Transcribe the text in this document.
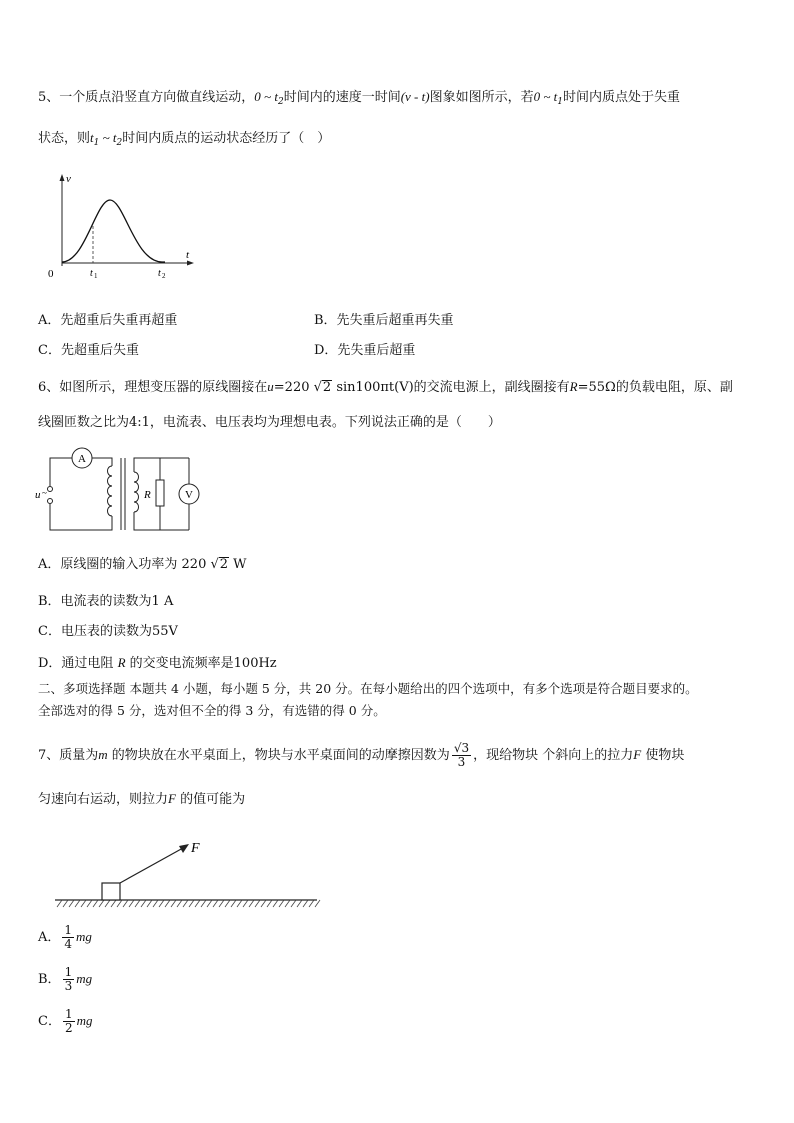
5、一个质点沿竖直方向做直线运动，0 ~ $t_2$时间内的速度一时间(v - t)图象如图所示，若0 ~ $t_1$时间内质点处于失重
状态，则$t_1$ ~ $t_2$时间内质点的运动状态经历了（　）
v
t
0	t 1	t 2
A．先超重后失重再超重	B．先失重后超重再失重
C．先超重后失重	D．先失重后超重
6、如图所示，理想变压器的原线圈接在u=220 √2 sin100πt(V)的交流电源上，副线圈接有R=55Ω的负载电阻，原、副
线圈匝数之比为4:1，电流表、电压表均为理想电表。下列说法正确的是（　　）
A
u ~	R	V
A．原线圈的输入功率为 220 √2 W
B．电流表的读数为1 A
C．电压表的读数为55V
D．通过电阻 R 的交变电流频率是100Hz
二、多项选择题 本题共 4 小题，每小题 5 分，共 20 分。在每小题给出的四个选项中，有多个选项是符合题目要求的。
全部选对的得 5 分，选对但不全的得 3 分，有选错的得 0 分。
7、质量为m 的物块放在水平桌面上，物块与水平桌面间的动摩擦因数为 $\frac{√3}{3}$ ，现给物块 个斜向上的拉力F 使物块
匀速向右运动，则拉力F 的值可能为
F
A． $\frac{1}{4}$ mg
B． $\frac{1}{3}$ mg
C． $\frac{1}{2}$ mg
